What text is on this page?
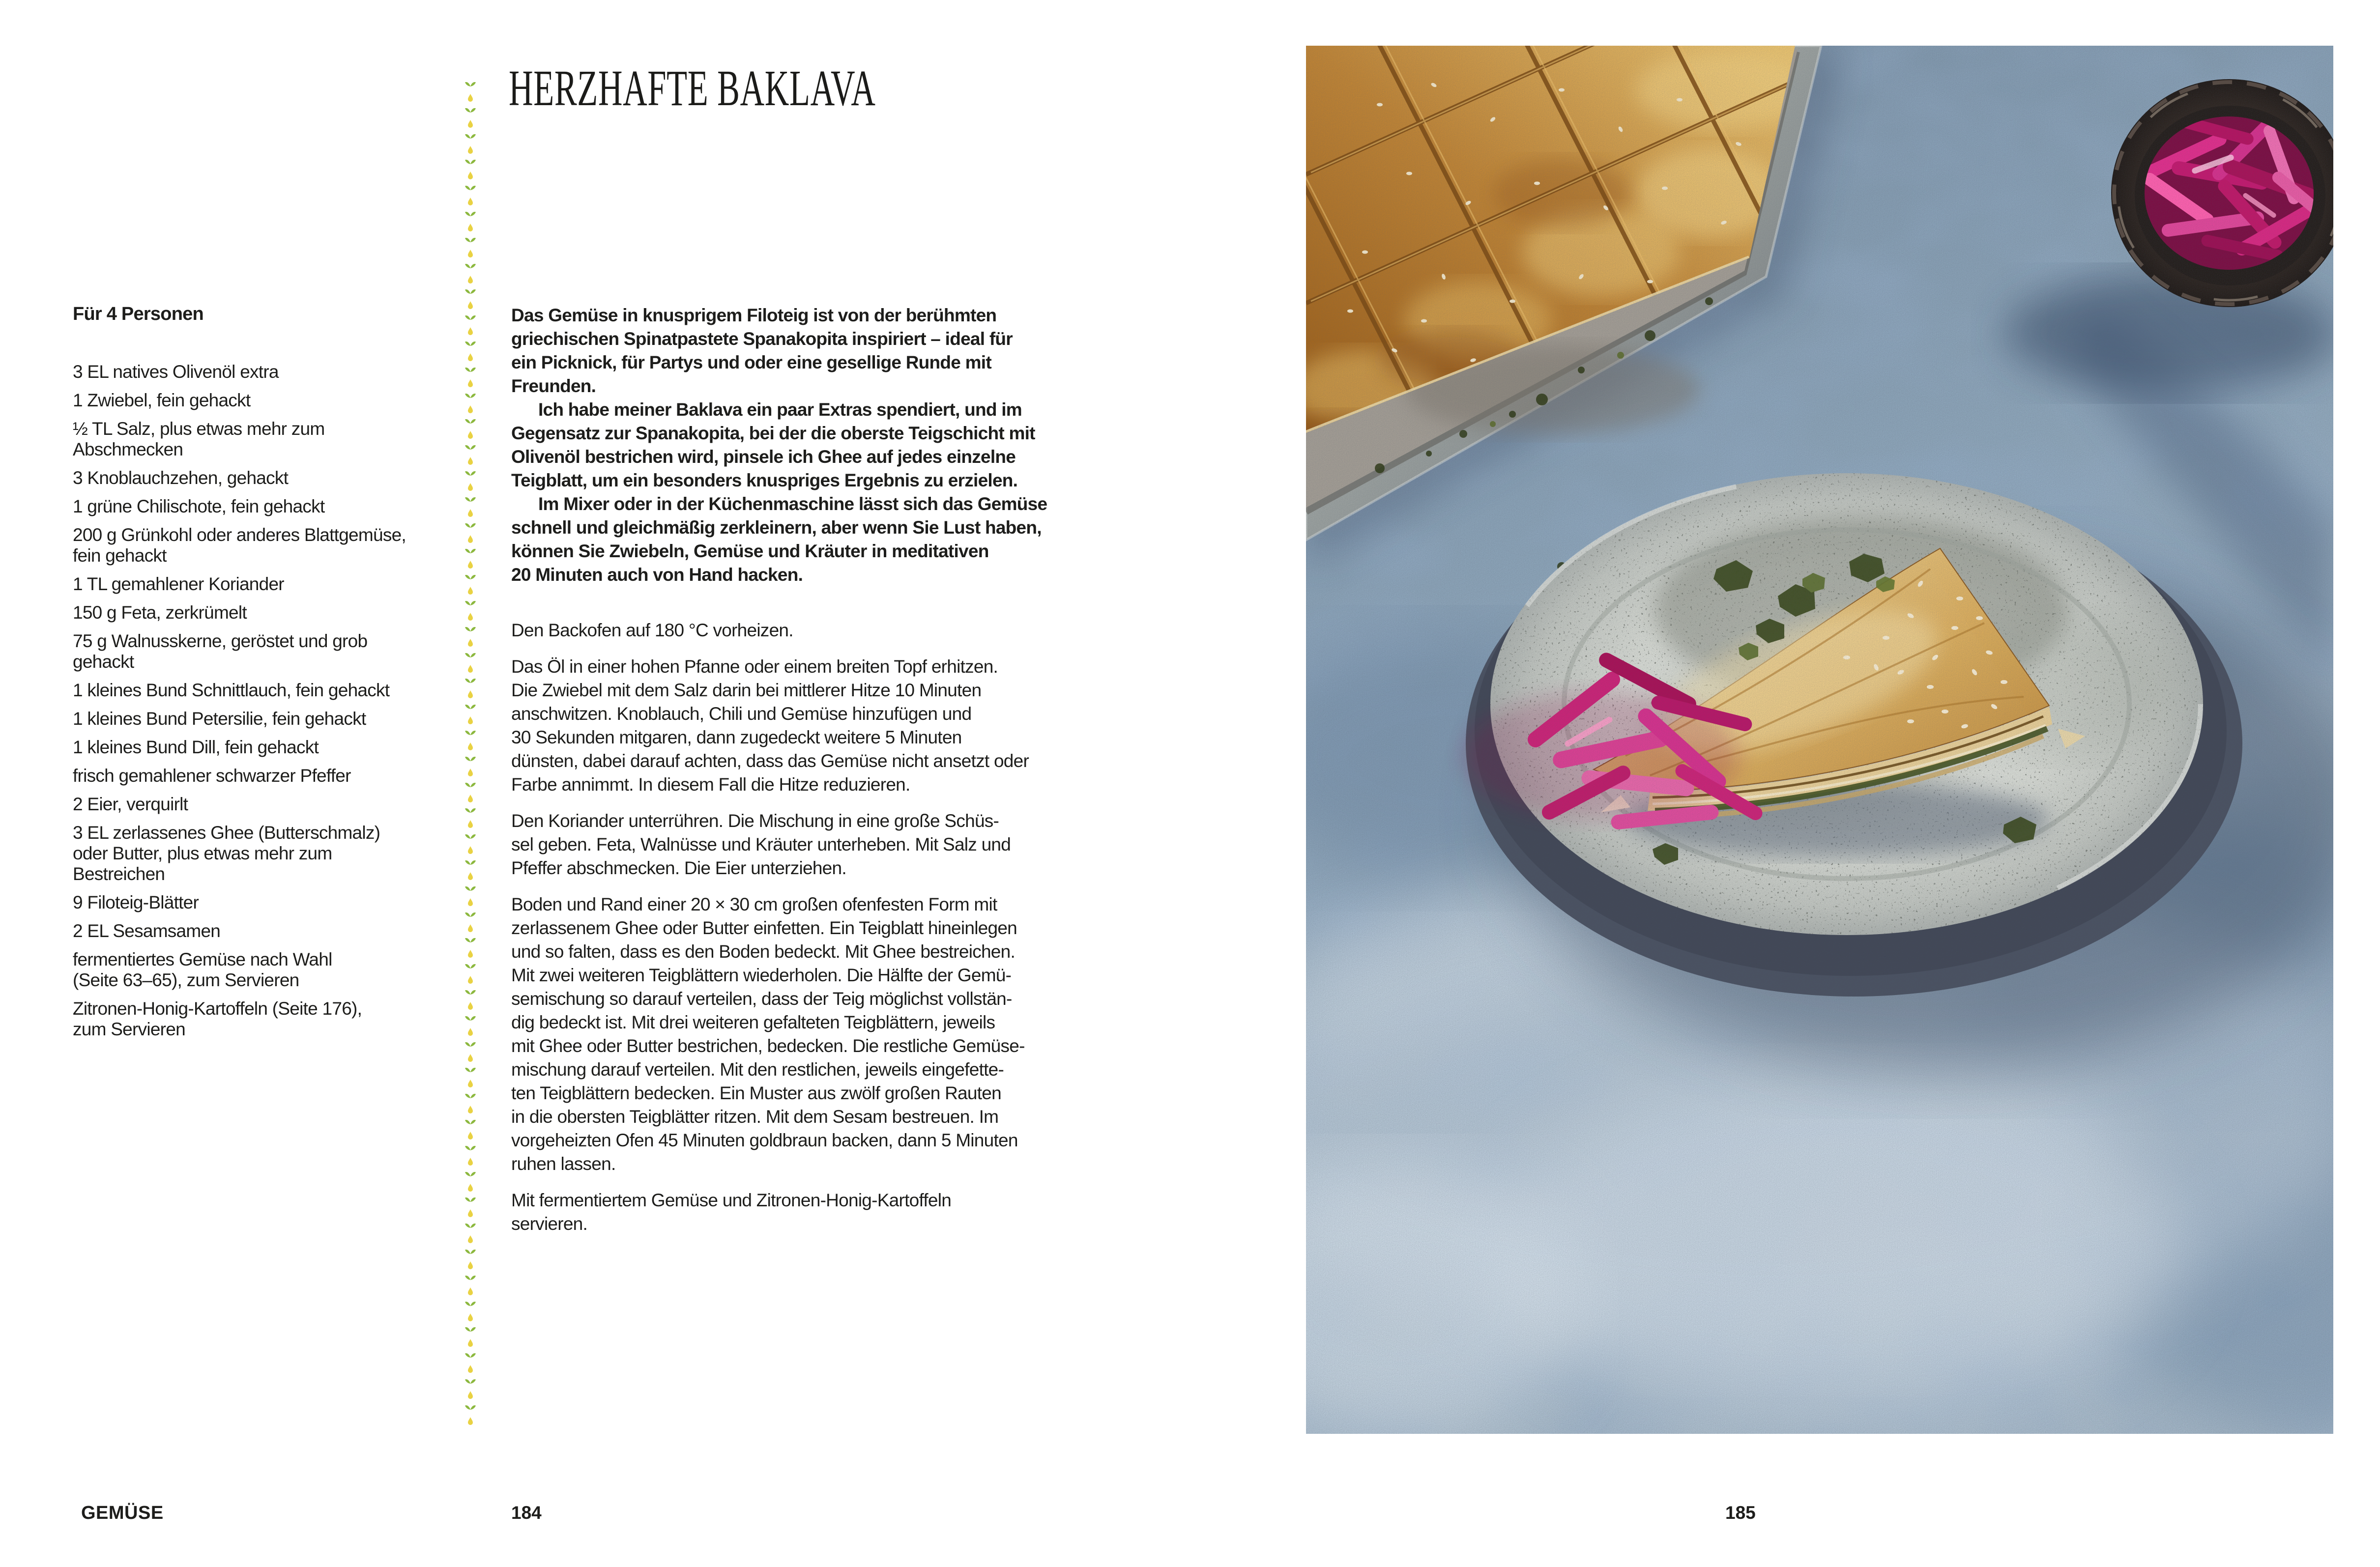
HERZHAFTE BAKLAVA
Für 4 Personen
3 EL natives Olivenöl extra
1 Zwiebel, fein gehackt
½ TL Salz, plus etwas mehr zum
Abschmecken
3 Knoblauchzehen, gehackt
1 grüne Chilischote, fein gehackt
200 g Grünkohl oder anderes Blattgemüse,
fein gehackt
1 TL gemahlener Koriander
150 g Feta, zerkrümelt
75 g Walnusskerne, geröstet und grob
gehackt
1 kleines Bund Schnittlauch, fein gehackt
1 kleines Bund Petersilie, fein gehackt
1 kleines Bund Dill, fein gehackt
frisch gemahlener schwarzer Pfeffer
2 Eier, verquirlt
3 EL zerlassenes Ghee (Butterschmalz)
oder Butter, plus etwas mehr zum
Bestreichen
9 Filoteig-Blätter
2 EL Sesamsamen
fermentiertes Gemüse nach Wahl
(Seite 63–65), zum Servieren
Zitronen-Honig-Kartoffeln (Seite 176),
zum Servieren

Das Gemüse in knusprigem Filoteig ist von der berühmten
griechischen Spinatpastete Spanakopita inspiriert – ideal für
ein Picknick, für Partys und oder eine gesellige Runde mit
Freunden.

Ich habe meiner Baklava ein paar Extras spendiert, und im
Gegensatz zur Spanakopita, bei der die oberste Teigschicht mit
Olivenöl bestrichen wird, pinsele ich Ghee auf jedes einzelne
Teigblatt, um ein besonders knuspriges Ergebnis zu erzielen.

Im Mixer oder in der Küchenmaschine lässt sich das Gemüse
schnell und gleichmäßig zerkleinern, aber wenn Sie Lust haben,
können Sie Zwiebeln, Gemüse und Kräuter in meditativen
20 Minuten auch von Hand hacken.

Den Backofen auf 180 °C vorheizen.

Das Öl in einer hohen Pfanne oder einem breiten Topf erhitzen.
Die Zwiebel mit dem Salz darin bei mittlerer Hitze 10 Minuten
anschwitzen. Knoblauch, Chili und Gemüse hinzufügen und
30 Sekunden mitgaren, dann zugedeckt weitere 5 Minuten
dünsten, dabei darauf achten, dass das Gemüse nicht ansetzt oder
Farbe annimmt. In diesem Fall die Hitze reduzieren.

Den Koriander unterrühren. Die Mischung in eine große Schüs-
sel geben. Feta, Walnüsse und Kräuter unterheben. Mit Salz und
Pfeffer abschmecken. Die Eier unterziehen.

Boden und Rand einer 20 × 30 cm großen ofenfesten Form mit
zerlassenem Ghee oder Butter einfetten. Ein Teigblatt hineinlegen
und so falten, dass es den Boden bedeckt. Mit Ghee bestreichen.
Mit zwei weiteren Teigblättern wiederholen. Die Hälfte der Gemü-
semischung so darauf verteilen, dass der Teig möglichst vollstän-
dig bedeckt ist. Mit drei weiteren gefalteten Teigblättern, jeweils
mit Ghee oder Butter bestrichen, bedecken. Die restliche Gemüse-
mischung darauf verteilen. Mit den restlichen, jeweils eingefette-
ten Teigblättern bedecken. Ein Muster aus zwölf großen Rauten
in die obersten Teigblätter ritzen. Mit dem Sesam bestreuen. Im
vorgeheizten Ofen 45 Minuten goldbraun backen, dann 5 Minuten
ruhen lassen.

Mit fermentiertem Gemüse und Zitronen-Honig-Kartoffeln
servieren.

GEMÜSE	184	185
